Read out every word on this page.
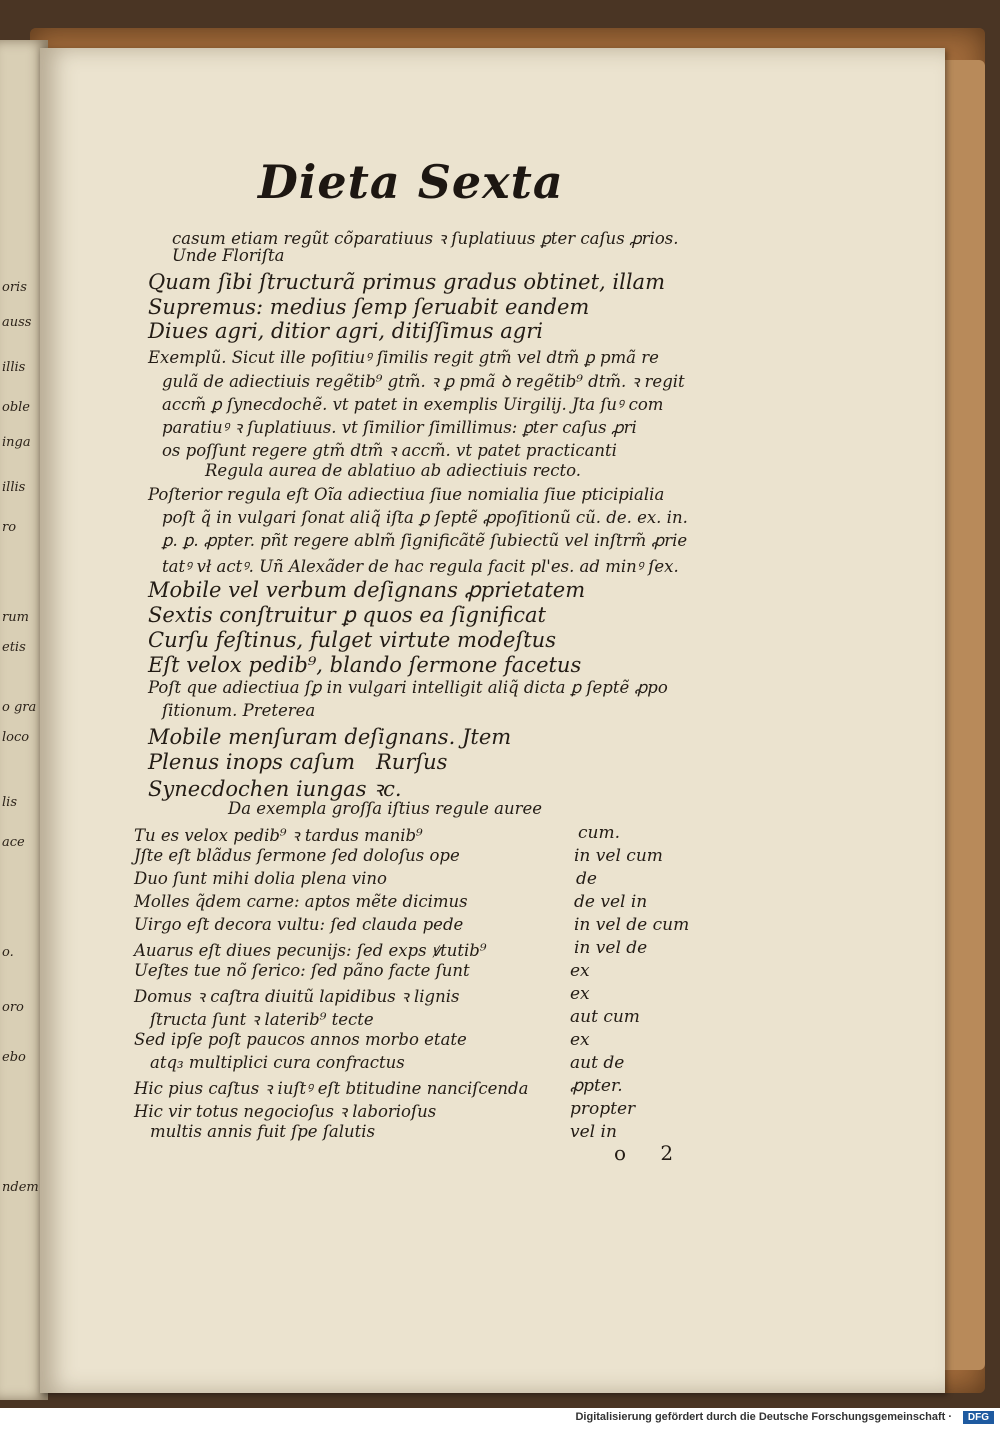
oris
auss
illis
oble
inga
illis
ro
rum
etis
o gra
loco
lis
ace
o.
oro
ebo
ndem
Dieta Sexta
casum etiam regũt cõparatiuus ꝛ ſuplatiuus ꝑter caſus ꝓrios.
Unde Floriſta
Quam ſibi ſtructurã primus gradus obtinet, illam
Supremus: medius ſemp ſeruabit eandem
Diues agri, ditior agri, ditiſſimus agri
Exemplũ. Sicut ille poſitiuꝰ ſimilis regit gtm̃ vel dtm̃ ꝑ pmã re
gulã de adiectiuis regẽtib⁹ gtm̃. ꝛ ꝑ pmã ꝺ regẽtib⁹ dtm̃. ꝛ regit
accm̃ ꝑ ſynecdochẽ. vt patet in exemplis Uirgilij. Jta ſuꝰ com
paratiuꝰ ꝛ ſuplatiuus. vt ſimilior ſimillimus: ꝑter caſus ꝓri
os poſſunt regere gtm̃ dtm̃ ꝛ accm̃. vt patet practicanti
Regula aurea de ablatiuo ab adiectiuis recto.
Poſterior regula eſt Oĩa adiectiua ſiue nomialia ſiue pticipialia
poſt q̃ in vulgari ſonat aliq̃ iſta ꝑ ſeptẽ ꝓpoſitionũ cũ. de. ex. in.
ꝑ. ꝑ. ꝓpter. pñt regere ablm̃ ſignificãtẽ ſubiectũ vel inſtrm̃ ꝓrie
tatꝰ vł actꝰ. Uñ Alexãder de hac regula facit pl'es. ad minꝰ ſex.
Mobile vel verbum deſignans ꝓprietatem
Sextis conſtruitur ꝑ quos ea ſignificat
Curſu feſtinus, fulget virtute modeſtus
Eſt velox pedib⁹, blando ſermone facetus
Poſt que adiectiua ſꝑ in vulgari intelligit aliq̃ dicta ꝑ ſeptẽ ꝓpo
ſitionum. Preterea
Mobile menſuram deſignans. Jtem
Plenus inops caſum Rurſus
Synecdochen iungas ꝛc.
Da exempla groſſa iſtius regule auree
Tu es velox pedib⁹ ꝛ tardus manib⁹
Jſte eſt blãdus ſermone ſed doloſus ope
Duo ſunt mihi dolia plena vino
Molles q̃dem carne: aptos mẽte dicimus
Uirgo eſt decora vultu: ſed clauda pede
Auarus eſt diues pecunijs: ſed exps ꝟtutib⁹
Ueſtes tue nõ ſerico: ſed pãno facte ſunt
Domus ꝛ caſtra diuitũ lapidibus ꝛ lignis
ſtructa ſunt ꝛ laterib⁹ tecte
Sed ipſe poſt paucos annos morbo etate
atq₃ multiplici cura confractus
Hic pius caſtus ꝛ iuſtꝰ eſt btitudine nanciſcenda
Hic vir totus negocioſus ꝛ laborioſus
multis annis fuit ſpe ſalutis
cum.
in vel cum
de
de vel in
in vel de cum
in vel de
ex
ex
aut cum
ex
aut de
ꝓpter.
propter
vel in
o 2
Digitalisierung gefördert durch die Deutsche Forschungsgemeinschaft ·	DFG
